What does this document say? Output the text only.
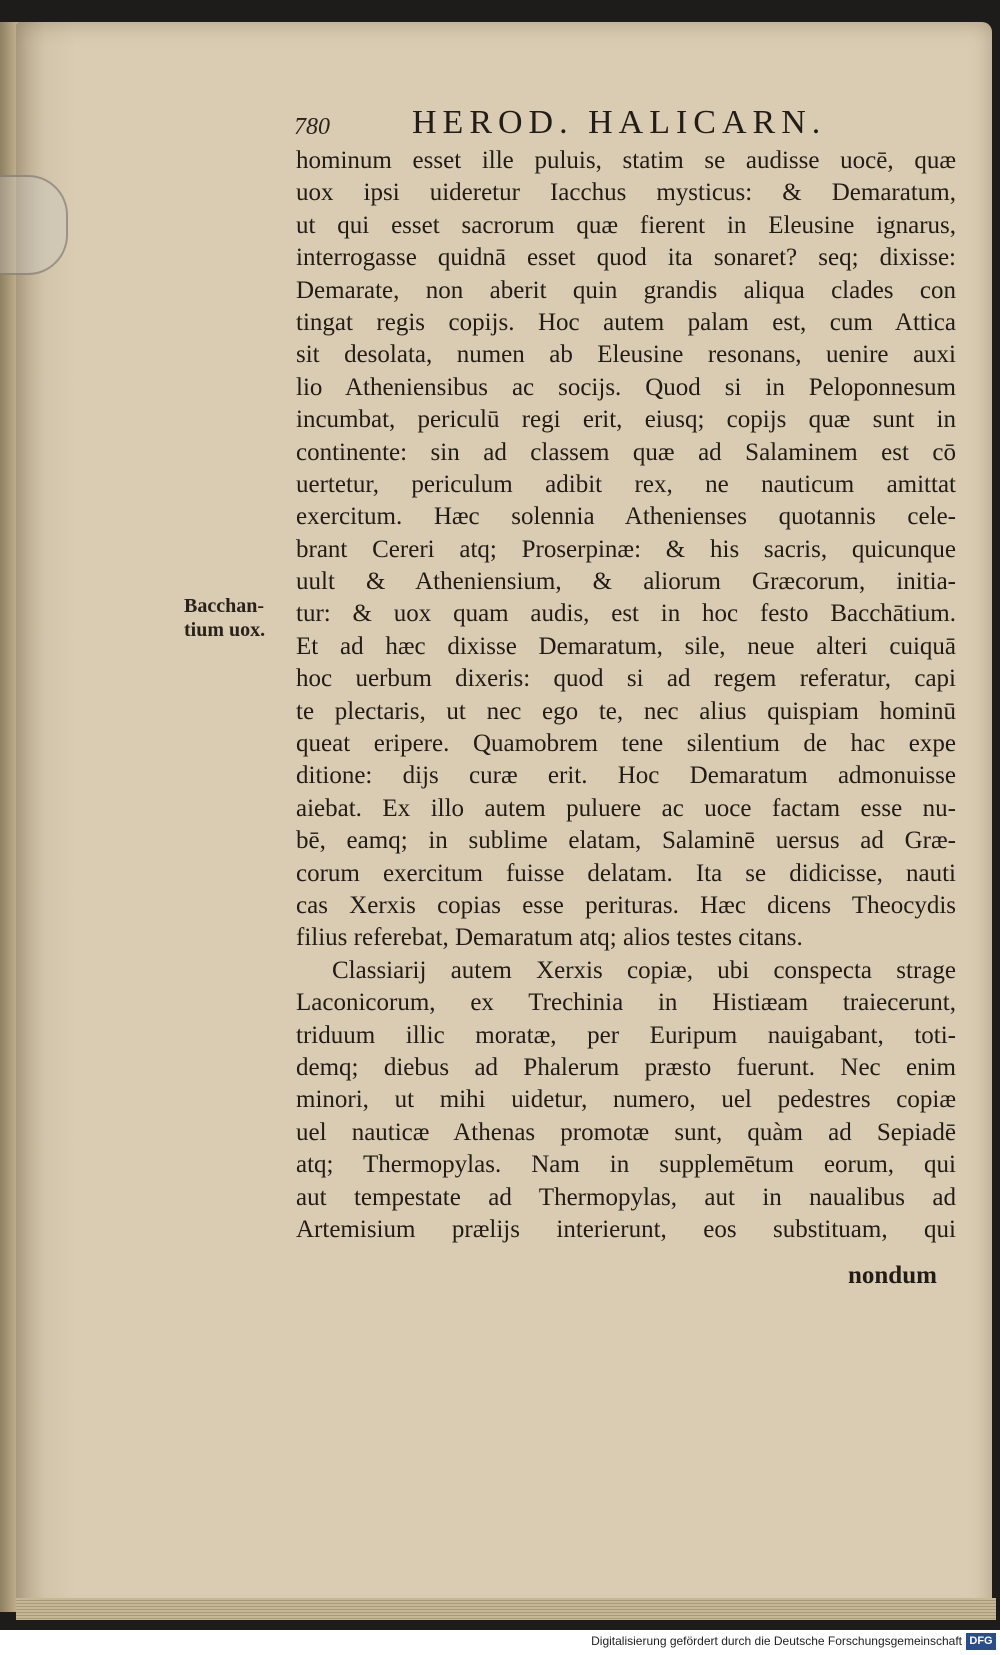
780 HEROD. HALICARN.
Bacchan-
tium uox.
hominum esset ille puluis, statim se audisse uocē, quæ
uox ipsi uideretur Iacchus mysticus: & Demaratum,
ut qui esset sacrorum quæ fierent in Eleusine ignarus,
interrogasse quidnā esset quod ita sonaret? seq; dixisse:
Demarate, non aberit quin grandis aliqua clades con
tingat regis copijs. Hoc autem palam est, cum Attica
sit desolata, numen ab Eleusine resonans, uenire auxi
lio Atheniensibus ac socijs. Quod si in Peloponnesum
incumbat, periculū regi erit, eiusq; copijs quæ sunt in
continente: sin ad classem quæ ad Salaminem est cō
uertetur, periculum adibit rex, ne nauticum amittat
exercitum. Hæc solennia Athenienses quotannis cele-
brant Cereri atq; Proserpinæ: & his sacris, quicunque
uult & Atheniensium, & aliorum Græcorum, initia-
tur: & uox quam audis, est in hoc festo Bacchātium.
Et ad hæc dixisse Demaratum, sile, neue alteri cuiquā
hoc uerbum dixeris: quod si ad regem referatur, capi
te plectaris, ut nec ego te, nec alius quispiam hominū
queat eripere. Quamobrem tene silentium de hac expe
ditione: dijs curæ erit. Hoc Demaratum admonuisse
aiebat. Ex illo autem puluere ac uoce factam esse nu-
bē, eamq; in sublime elatam, Salaminē uersus ad Græ-
corum exercitum fuisse delatam. Ita se didicisse, nauti
cas Xerxis copias esse perituras. Hæc dicens Theocydis
filius referebat, Demaratum atq; alios testes citans.
Classiarij autem Xerxis copiæ, ubi conspecta strage
Laconicorum, ex Trechinia in Histiæam traiecerunt,
triduum illic moratæ, per Euripum nauigabant, toti-
demq; diebus ad Phalerum præsto fuerunt. Nec enim
minori, ut mihi uidetur, numero, uel pedestres copiæ
uel nauticæ Athenas promotæ sunt, quàm ad Sepiadē
atq; Thermopylas. Nam in supplemētum eorum, qui
aut tempestate ad Thermopylas, aut in naualibus ad
Artemisium prælijs interierunt, eos substituam, qui
nondum
Digitalisierung gefördert durch die Deutsche Forschungsgemeinschaft DFG
